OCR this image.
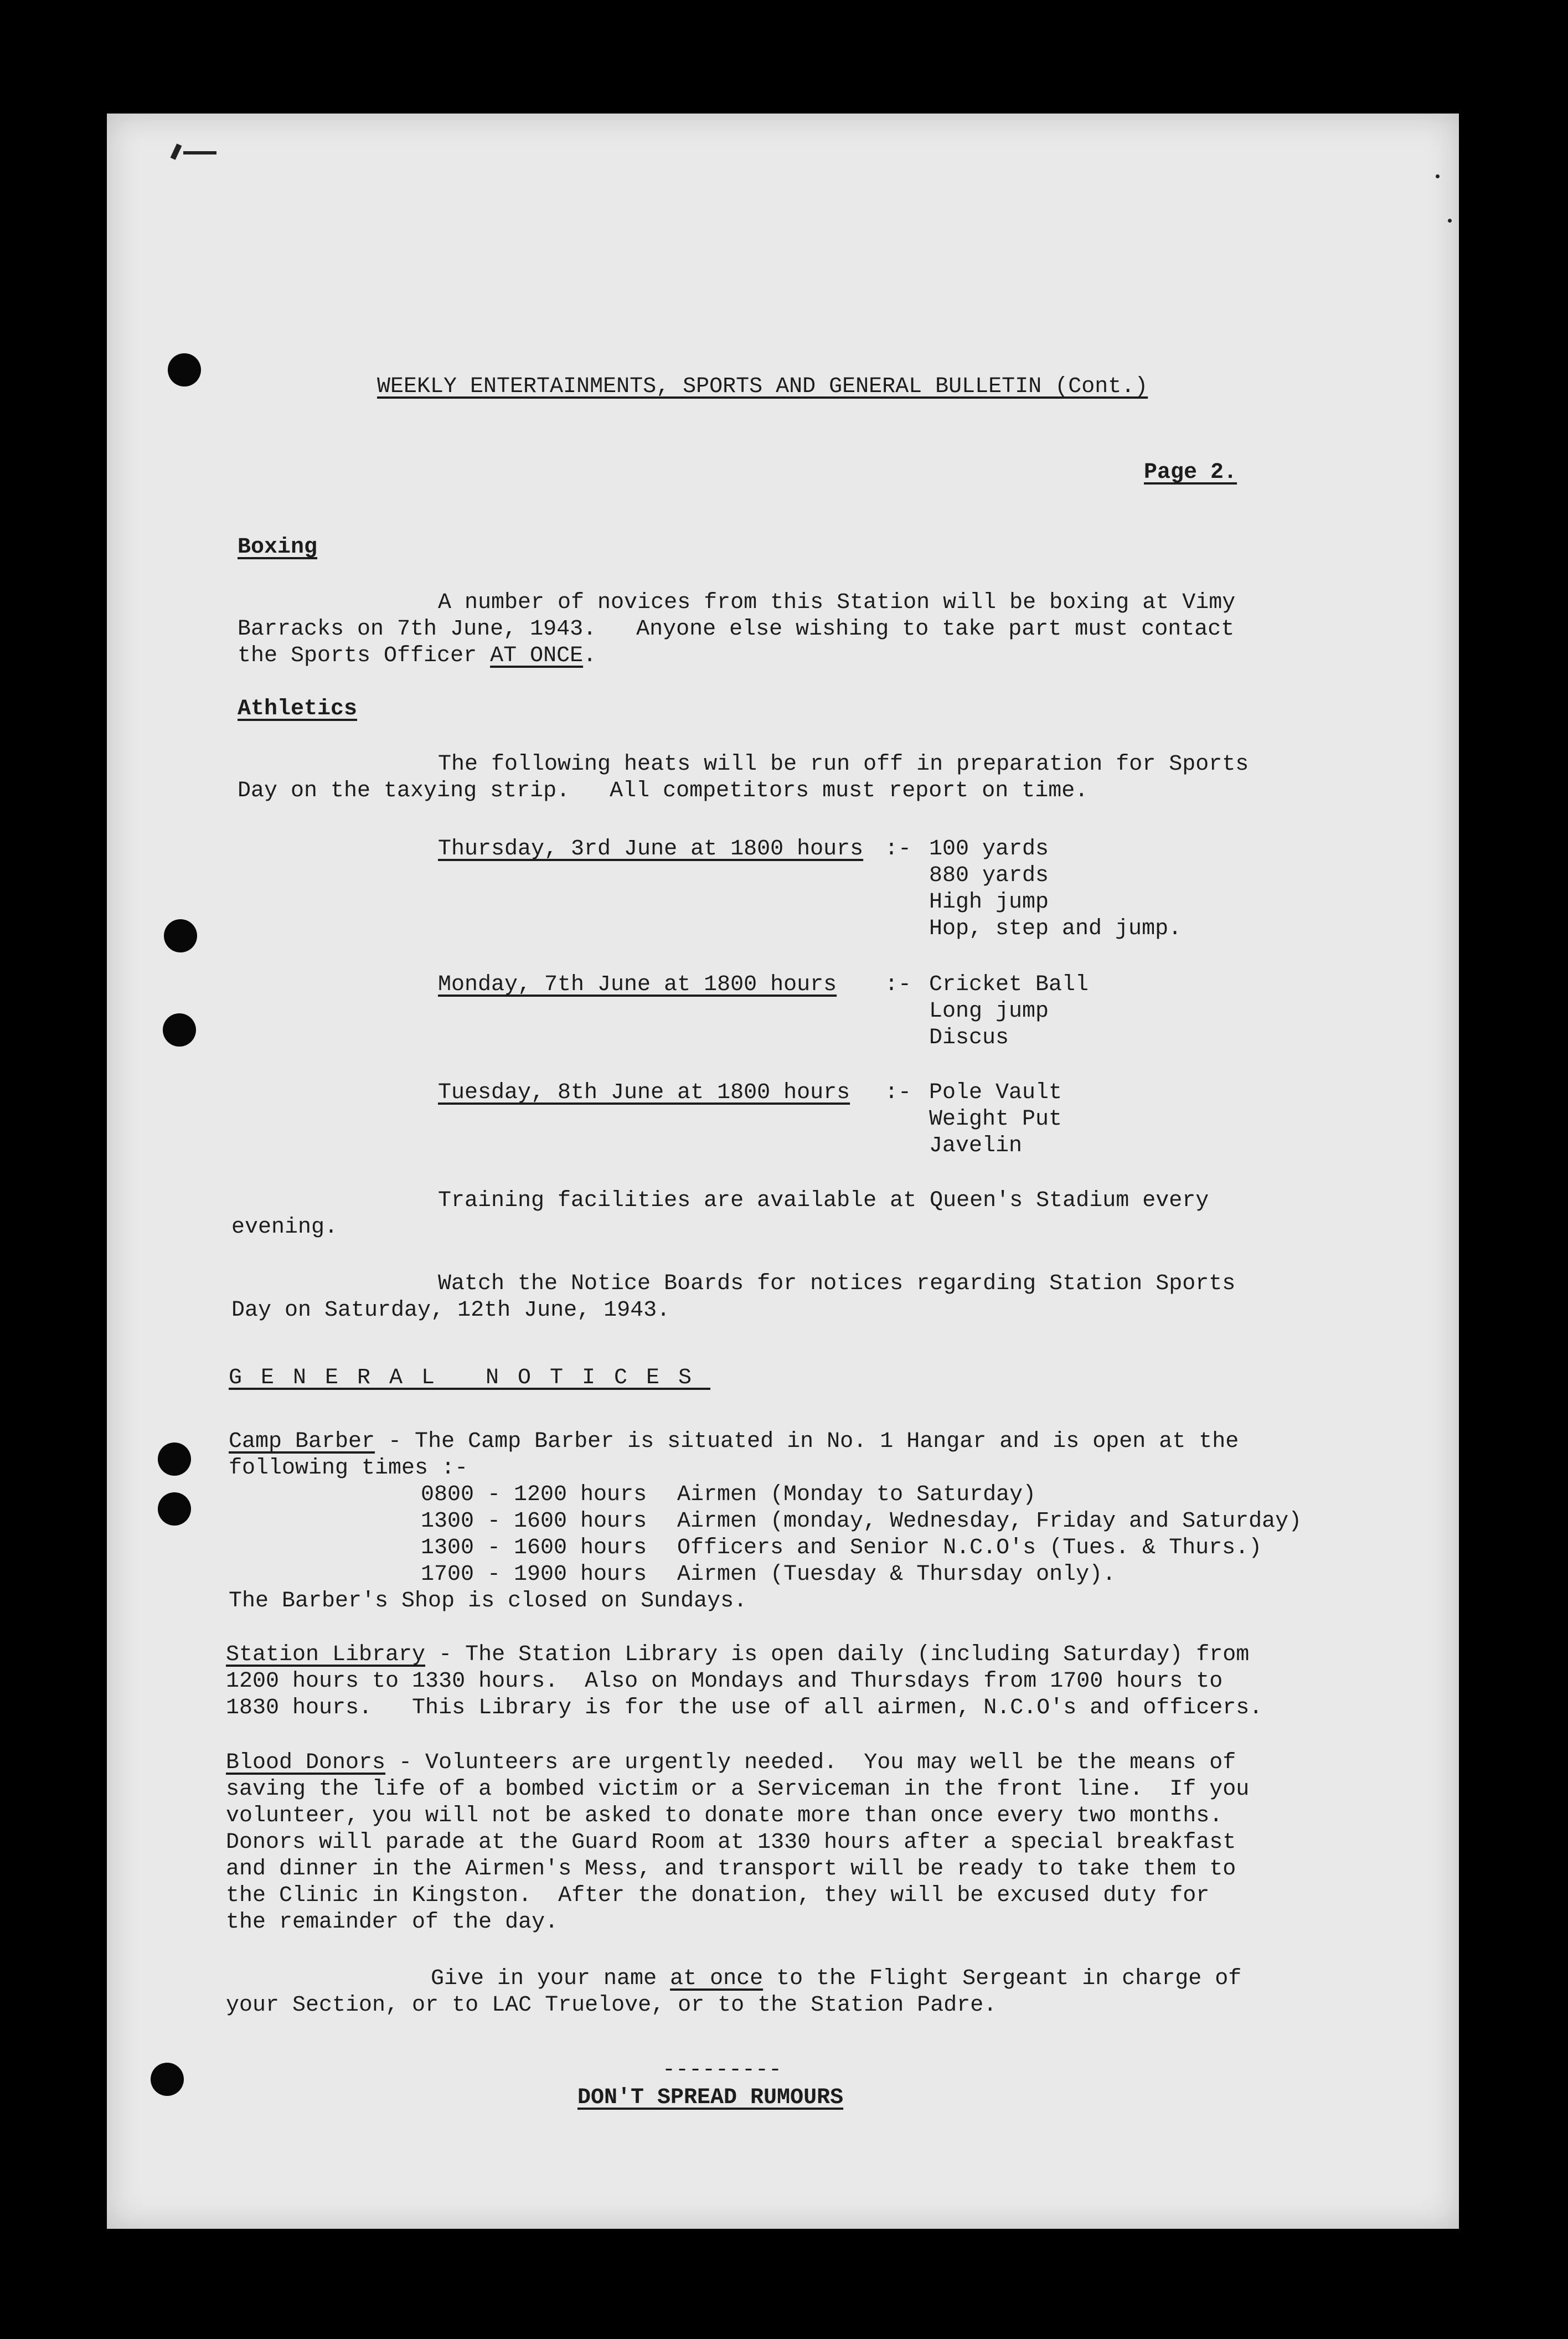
WEEKLY ENTERTAINMENTS, SPORTS AND GENERAL BULLETIN (Cont.)

Page 2.

Boxing

A number of novices from this Station will be boxing at Vimy

Barracks on 7th June, 1943.   Anyone else wishing to take part must contact

the Sports Officer AT ONCE.

Athletics

The following heats will be run off in preparation for Sports

Day on the taxying strip.   All competitors must report on time.

Thursday, 3rd June at 1800 hours :- 100 yards

880 yards

High jump

Hop, step and jump.

Monday, 7th June at 1800 hours :- Cricket Ball

Long jump

Discus

Tuesday, 8th June at 1800 hours :- Pole Vault

Weight Put

Javelin

Training facilities are available at Queen's Stadium every

evening.

Watch the Notice Boards for notices regarding Station Sports

Day on Saturday, 12th June, 1943.

GENERAL NOTICES

Camp Barber - The Camp Barber is situated in No. 1 Hangar and is open at the

following times :-

0800 - 1200 hours Airmen (Monday to Saturday)

1300 - 1600 hours Airmen (monday, Wednesday, Friday and Saturday)

1300 - 1600 hours Officers and Senior N.C.O's (Tues. & Thurs.)

1700 - 1900 hours Airmen (Tuesday & Thursday only).

The Barber's Shop is closed on Sundays.

Station Library - The Station Library is open daily (including Saturday) from

1200 hours to 1330 hours.  Also on Mondays and Thursdays from 1700 hours to

1830 hours.   This Library is for the use of all airmen, N.C.O's and officers.

Blood Donors - Volunteers are urgently needed.  You may well be the means of

saving the life of a bombed victim or a Serviceman in the front line.  If you

volunteer, you will not be asked to donate more than once every two months.

Donors will parade at the Guard Room at 1330 hours after a special breakfast

and dinner in the Airmen's Mess, and transport will be ready to take them to

the Clinic in Kingston.  After the donation, they will be excused duty for

the remainder of the day.

Give in your name at once to the Flight Sergeant in charge of

your Section, or to LAC Truelove, or to the Station Padre.

---------

DON'T SPREAD RUMOURS
